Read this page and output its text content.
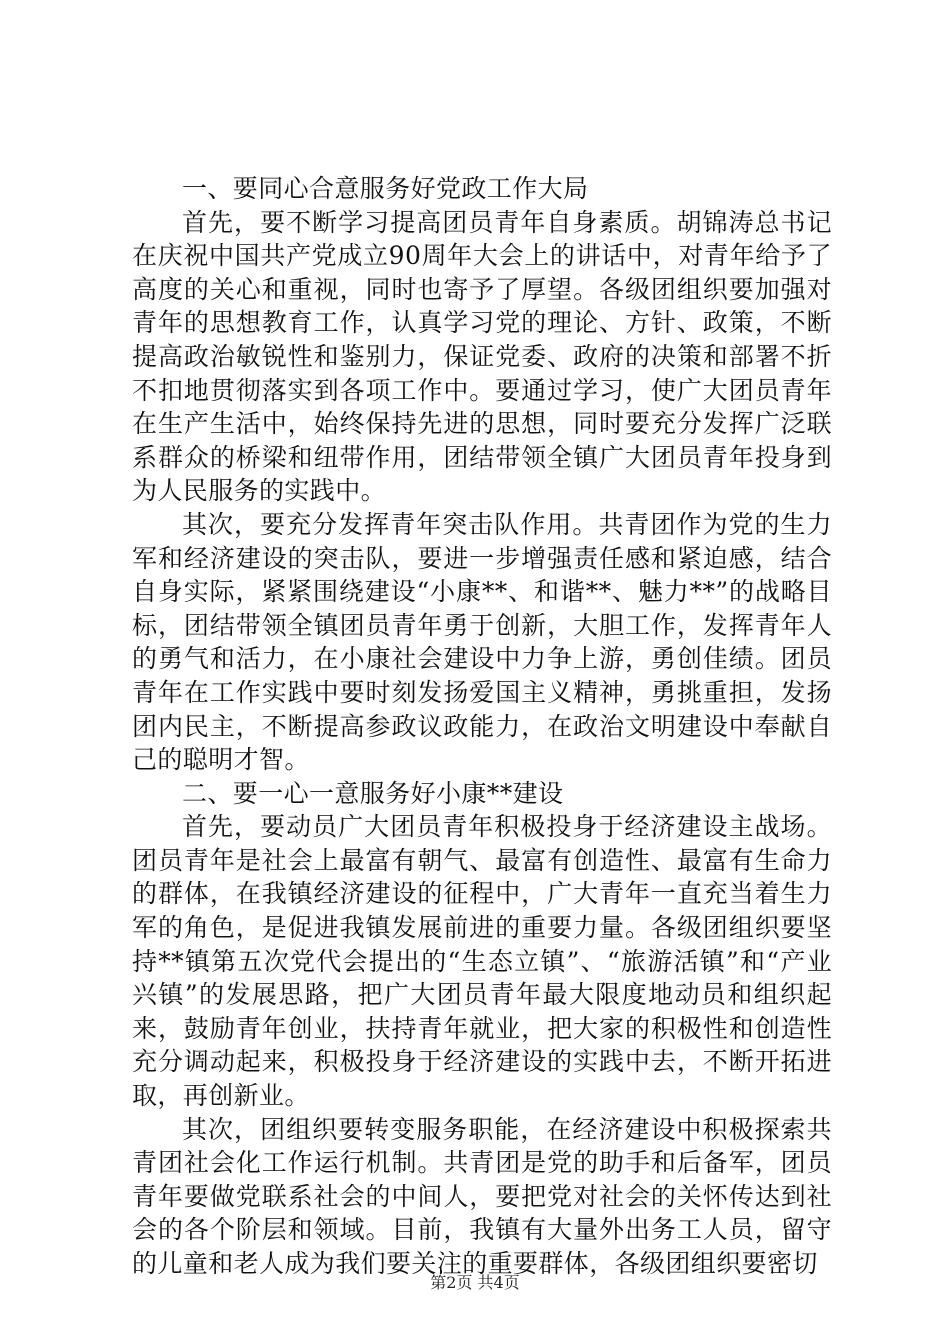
一、要同心合意服务好党政工作大局

首先，要不断学习提高团员青年自身素质。胡锦涛总书记在庆祝中国共产党成立90周年大会上的讲话中，对青年给予了高度的关心和重视，同时也寄予了厚望。各级团组织要加强对青年的思想教育工作，认真学习党的理论、方针、政策，不断提高政治敏锐性和鉴别力，保证党委、政府的决策和部署不折不扣地贯彻落实到各项工作中。要通过学习，使广大团员青年在生产生活中，始终保持先进的思想，同时要充分发挥广泛联系群众的桥梁和纽带作用，团结带领全镇广大团员青年投身到为人民服务的实践中。

其次，要充分发挥青年突击队作用。共青团作为党的生力军和经济建设的突击队，要进一步增强责任感和紧迫感，结合自身实际，紧紧围绕建设“小康**、和谐**、魅力**”的战略目标，团结带领全镇团员青年勇于创新，大胆工作，发挥青年人的勇气和活力，在小康社会建设中力争上游，勇创佳绩。团员青年在工作实践中要时刻发扬爱国主义精神，勇挑重担，发扬团内民主，不断提高参政议政能力，在政治文明建设中奉献自己的聪明才智。

二、要一心一意服务好小康**建设

首先，要动员广大团员青年积极投身于经济建设主战场。团员青年是社会上最富有朝气、最富有创造性、最富有生命力的群体，在我镇经济建设的征程中，广大青年一直充当着生力军的角色，是促进我镇发展前进的重要力量。各级团组织要坚持**镇第五次党代会提出的“生态立镇”、“旅游活镇”和“产业兴镇”的发展思路，把广大团员青年最大限度地动员和组织起来，鼓励青年创业，扶持青年就业，把大家的积极性和创造性充分调动起来，积极投身于经济建设的实践中去，不断开拓进取，再创新业。

其次，团组织要转变服务职能，在经济建设中积极探索共青团社会化工作运行机制。共青团是党的助手和后备军，团员青年要做党联系社会的中间人，要把党对社会的关怀传达到社会的各个阶层和领域。目前，我镇有大量外出务工人员，留守的儿童和老人成为我们要关注的重要群体，各级团组织要密切

第2页 共4页
